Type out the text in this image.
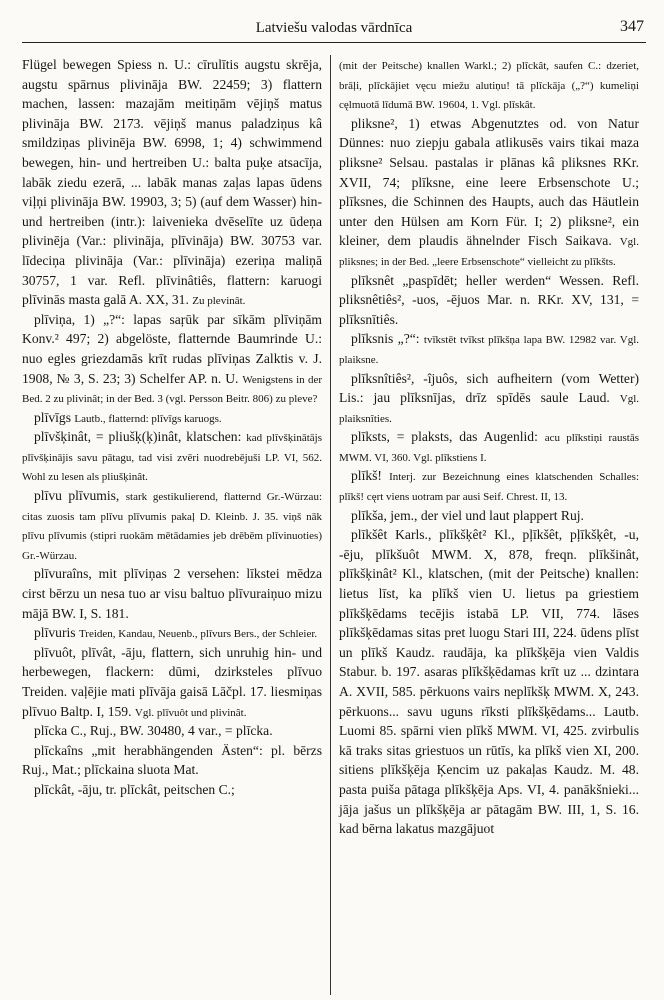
Latviešu valodas vārdnīca	347

Flügel bewegen Spiess n. U.: cīrulītis augstu skrēja, augstu spārnus plivināja BW. 22459; 3) flattern machen, lassen: mazajām meitiņām vējiņš matus plivināja BW. 2173. vējiņš manus paladziņus kâ smildziņas plivinēja BW. 6998, 1; 4) schwimmend bewegen, hin- und hertreiben U.: balta puķe atsacīja, labāk ziedu ezerā, ... labāk manas zaļas lapas ūdens viļņi plivināja BW. 19903, 3; 5) (auf dem Wasser) hin- und hertreiben (intr.): laivenieka dvēselīte uz ūdeņa plivinēja (Var.: plivināja, plīvināja) BW. 30753 var. līdeciņa plivināja (Var.: plīvināja) ezeriņa maliņā 30757, 1 var. Refl. plīvinâtiês, flattern: karuogi plīvinās masta galā A. XX, 31. Zu plevinât.

plīviņa, 1) „?“: lapas saŗūk par sīkām plīviņām Konv.² 497; 2) abgelöste, flatternde Baumrinde U.: nuo egles griezdamās krīt rudas plīviņas Zalktis v. J. 1908, № 3, S. 23; 3) Schelfer AP. n. U. Wenigstens in der Bed. 2 zu plivinât; in der Bed. 3 (vgl. Persson Beitr. 806) zu pleve?

plīvīgs Lautb., flatternd: plīvīgs karuogs.

plīvšķinât, = pliušķ(ķ)inât, klatschen: kad plīvšķinātājs plīvšķinājis savu pātagu, tad visi zvēri nuodrebējuši LP. VI, 562. Wohl zu lesen als pliušķinât.

plīvu plīvumis, stark gestikulierend, flatternd Gr.-Würzau: citas zuosis tam plīvu plīvumis pakaļ D. Kleinb. J. 35. viņš nāk plīvu plīvumis (stipri ruokām mētādamies jeb drēbēm plīvinuoties) Gr.-Würzau.

plīvuraîns, mit plīviņas 2 versehen: līkstei mēdza cirst bērzu un nesa tuo ar visu baltuo plīvuraiņuo mizu mājā BW. I, S. 181.

plīvuris Treiden, Kandau, Neuenb., plīvurs Bers., der Schleier.

plīvuôt, plīvât, -āju, flattern, sich unruhig hin- und herbewegen, flackern: dūmi, dzirksteles plīvuo Treiden. vaļējie mati plīvāja gaisā Lāčpl. 17. liesmiņas plīvuo Baltp. I, 159. Vgl. plīvuôt und plivinât.

plīcka C., Ruj., BW. 30480, 4 var., = plīcka.

plīckaîns „mit herabhängenden Ästen“: pl. bērzs Ruj., Mat.; plīckaina sluota Mat.

plīckât, -āju, tr. plīckât, peitschen C.;

(mit der Peitsche) knallen Warkl.; 2) plīckât, saufen C.: dzeriet, brāļi, plīckājiet vęcu miežu alutiņu! tā plīckāja („?“) kumeliņi cęlmuotā līdumā BW. 19604, 1. Vgl. plīskât.

pliksne², 1) etwas Abgenutztes od. von Natur Dünnes: nuo ziepju gabala atlikusēs vairs tikai maza pliksne² Selsau. pastalas ir plānas kâ pliksnes RKr. XVII, 74; plīksne, eine leere Erbsenschote U.; plīksnes, die Schinnen des Haupts, auch das Häutlein unter den Hülsen am Korn Für. I; 2) pliksne², ein kleiner, dem plaudis ähnelnder Fisch Saikava. Vgl. pliksnes; in der Bed. „leere Erbsenschote“ vielleicht zu plīkšts.

plīksnêt „paspīdēt; heller werden“ Wessen. Refl. pliksnêtiês², -uos, -ējuos Mar. n. RKr. XV, 131, = plīksnītiês.

plīksnis „?“: tvīkstēt tvīkst plīkšņa lapa BW. 12982 var. Vgl. plaiksne.

plīksnîtiês², -îjuôs, sich aufheitern (vom Wetter) Lis.: jau plīksnījas, drīz spīdēs saule Laud. Vgl. plaiksnîties.

plīksts, = plaksts, das Augenlid: acu plīkstiņi raustās MWM. VI, 360. Vgl. plīkstiens I.

plīkš! Interj. zur Bezeichnung eines klatschenden Schalles: plīkš! cęrt viens uotram par ausi Seif. Chrest. II, 13.

plīkša, jem., der viel und laut plappert Ruj.

plīkšêt Karls., plīkšķêt² Kl., pļīkšêt, pļīkšķêt, -u, -ēju, plīkšuôt MWM. X, 878, freqn. plīkšinât, plīkšķinât² Kl., klatschen, (mit der Peitsche) knallen: lietus līst, ka plīkš vien U. lietus pa griestiem plīkšķēdams tecējis istabā LP. VII, 774. lāses plīkšķēdamas sitas pret luogu Stari III, 224. ūdens plīst un plīkš Kaudz. raudāja, ka plīkšķēja vien Valdis Stabur. b. 197. asaras plīkšķēdamas krīt uz ... dzintara A. XVII, 585. pērkuons vairs neplīkšķ MWM. X, 243. pērkuons... savu uguns rīksti plīkšķēdams... Lautb. Luomi 85. spārni vien plīkš MWM. VI, 425. zvirbulis kā traks sitas griestuos un rūtīs, ka plīkš vien XI, 200. sitiens plīkšķēja Ķencim uz pakaļas Kaudz. M. 48. pasta puiša pātaga plīkšķēja Aps. VI, 4. panākšniekі... jāja jašus un plīkšķēja ar pātagām BW. III, 1, S. 16. kad bērna lakatus mazgājuot
